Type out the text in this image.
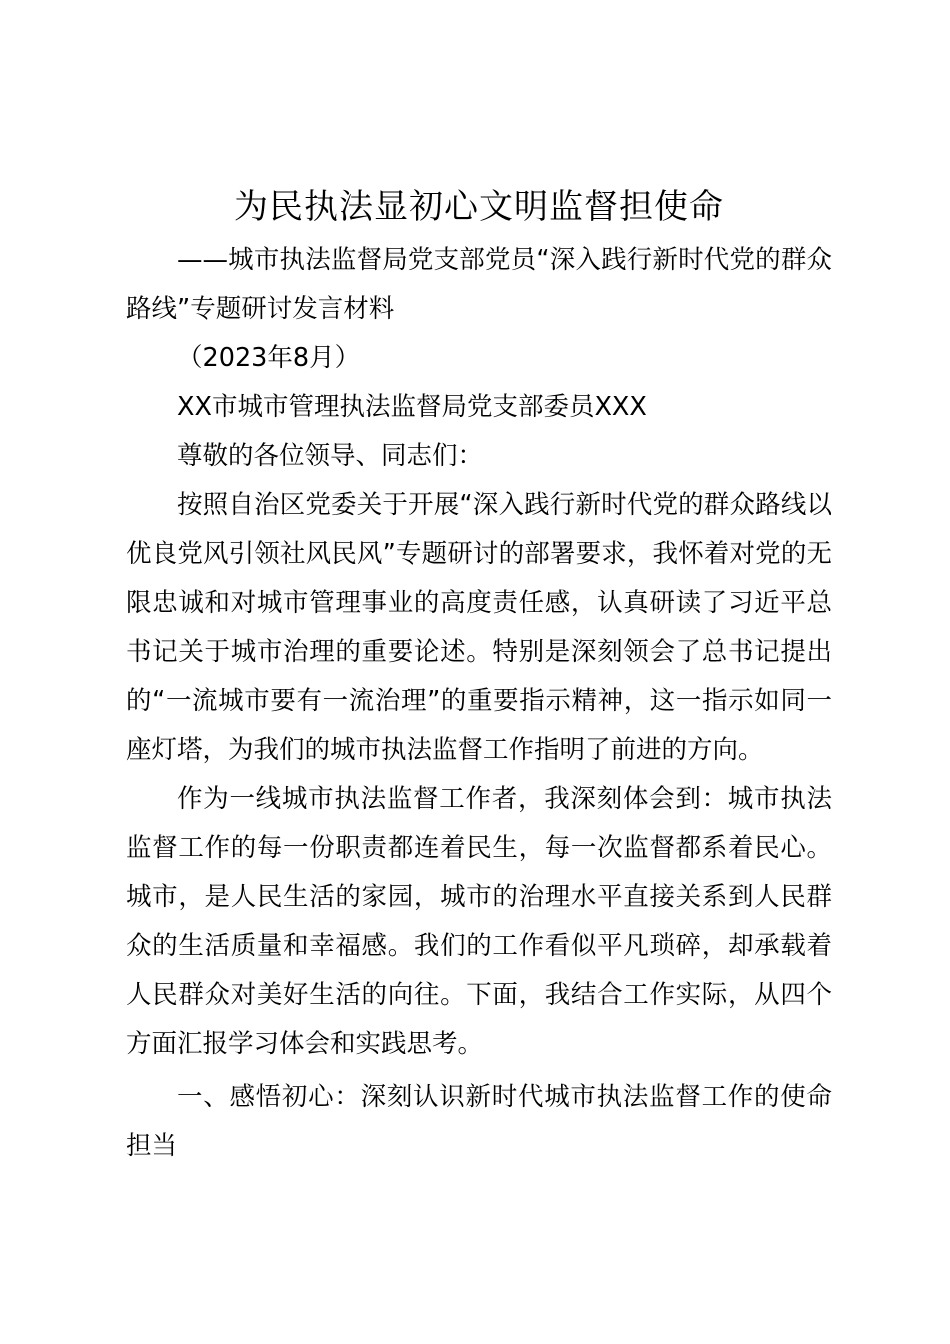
为民执法显初心文明监督担使命

——城市执法监督局党支部党员“深入践行新时代党的群众路线”专题研讨发言材料

（2023年8月）

XX市城市管理执法监督局党支部委员XXX

尊敬的各位领导、同志们：

按照自治区党委关于开展“深入践行新时代党的群众路线以优良党风引领社风民风”专题研讨的部署要求，我怀着对党的无限忠诚和对城市管理事业的高度责任感，认真研读了习近平总书记关于城市治理的重要论述。特别是深刻领会了总书记提出的“一流城市要有一流治理”的重要指示精神，这一指示如同一座灯塔，为我们的城市执法监督工作指明了前进的方向。

作为一线城市执法监督工作者，我深刻体会到：城市执法监督工作的每一份职责都连着民生，每一次监督都系着民心。城市，是人民生活的家园，城市的治理水平直接关系到人民群众的生活质量和幸福感。我们的工作看似平凡琐碎，却承载着人民群众对美好生活的向往。下面，我结合工作实际，从四个方面汇报学习体会和实践思考。

一、感悟初心：深刻认识新时代城市执法监督工作的使命担当
